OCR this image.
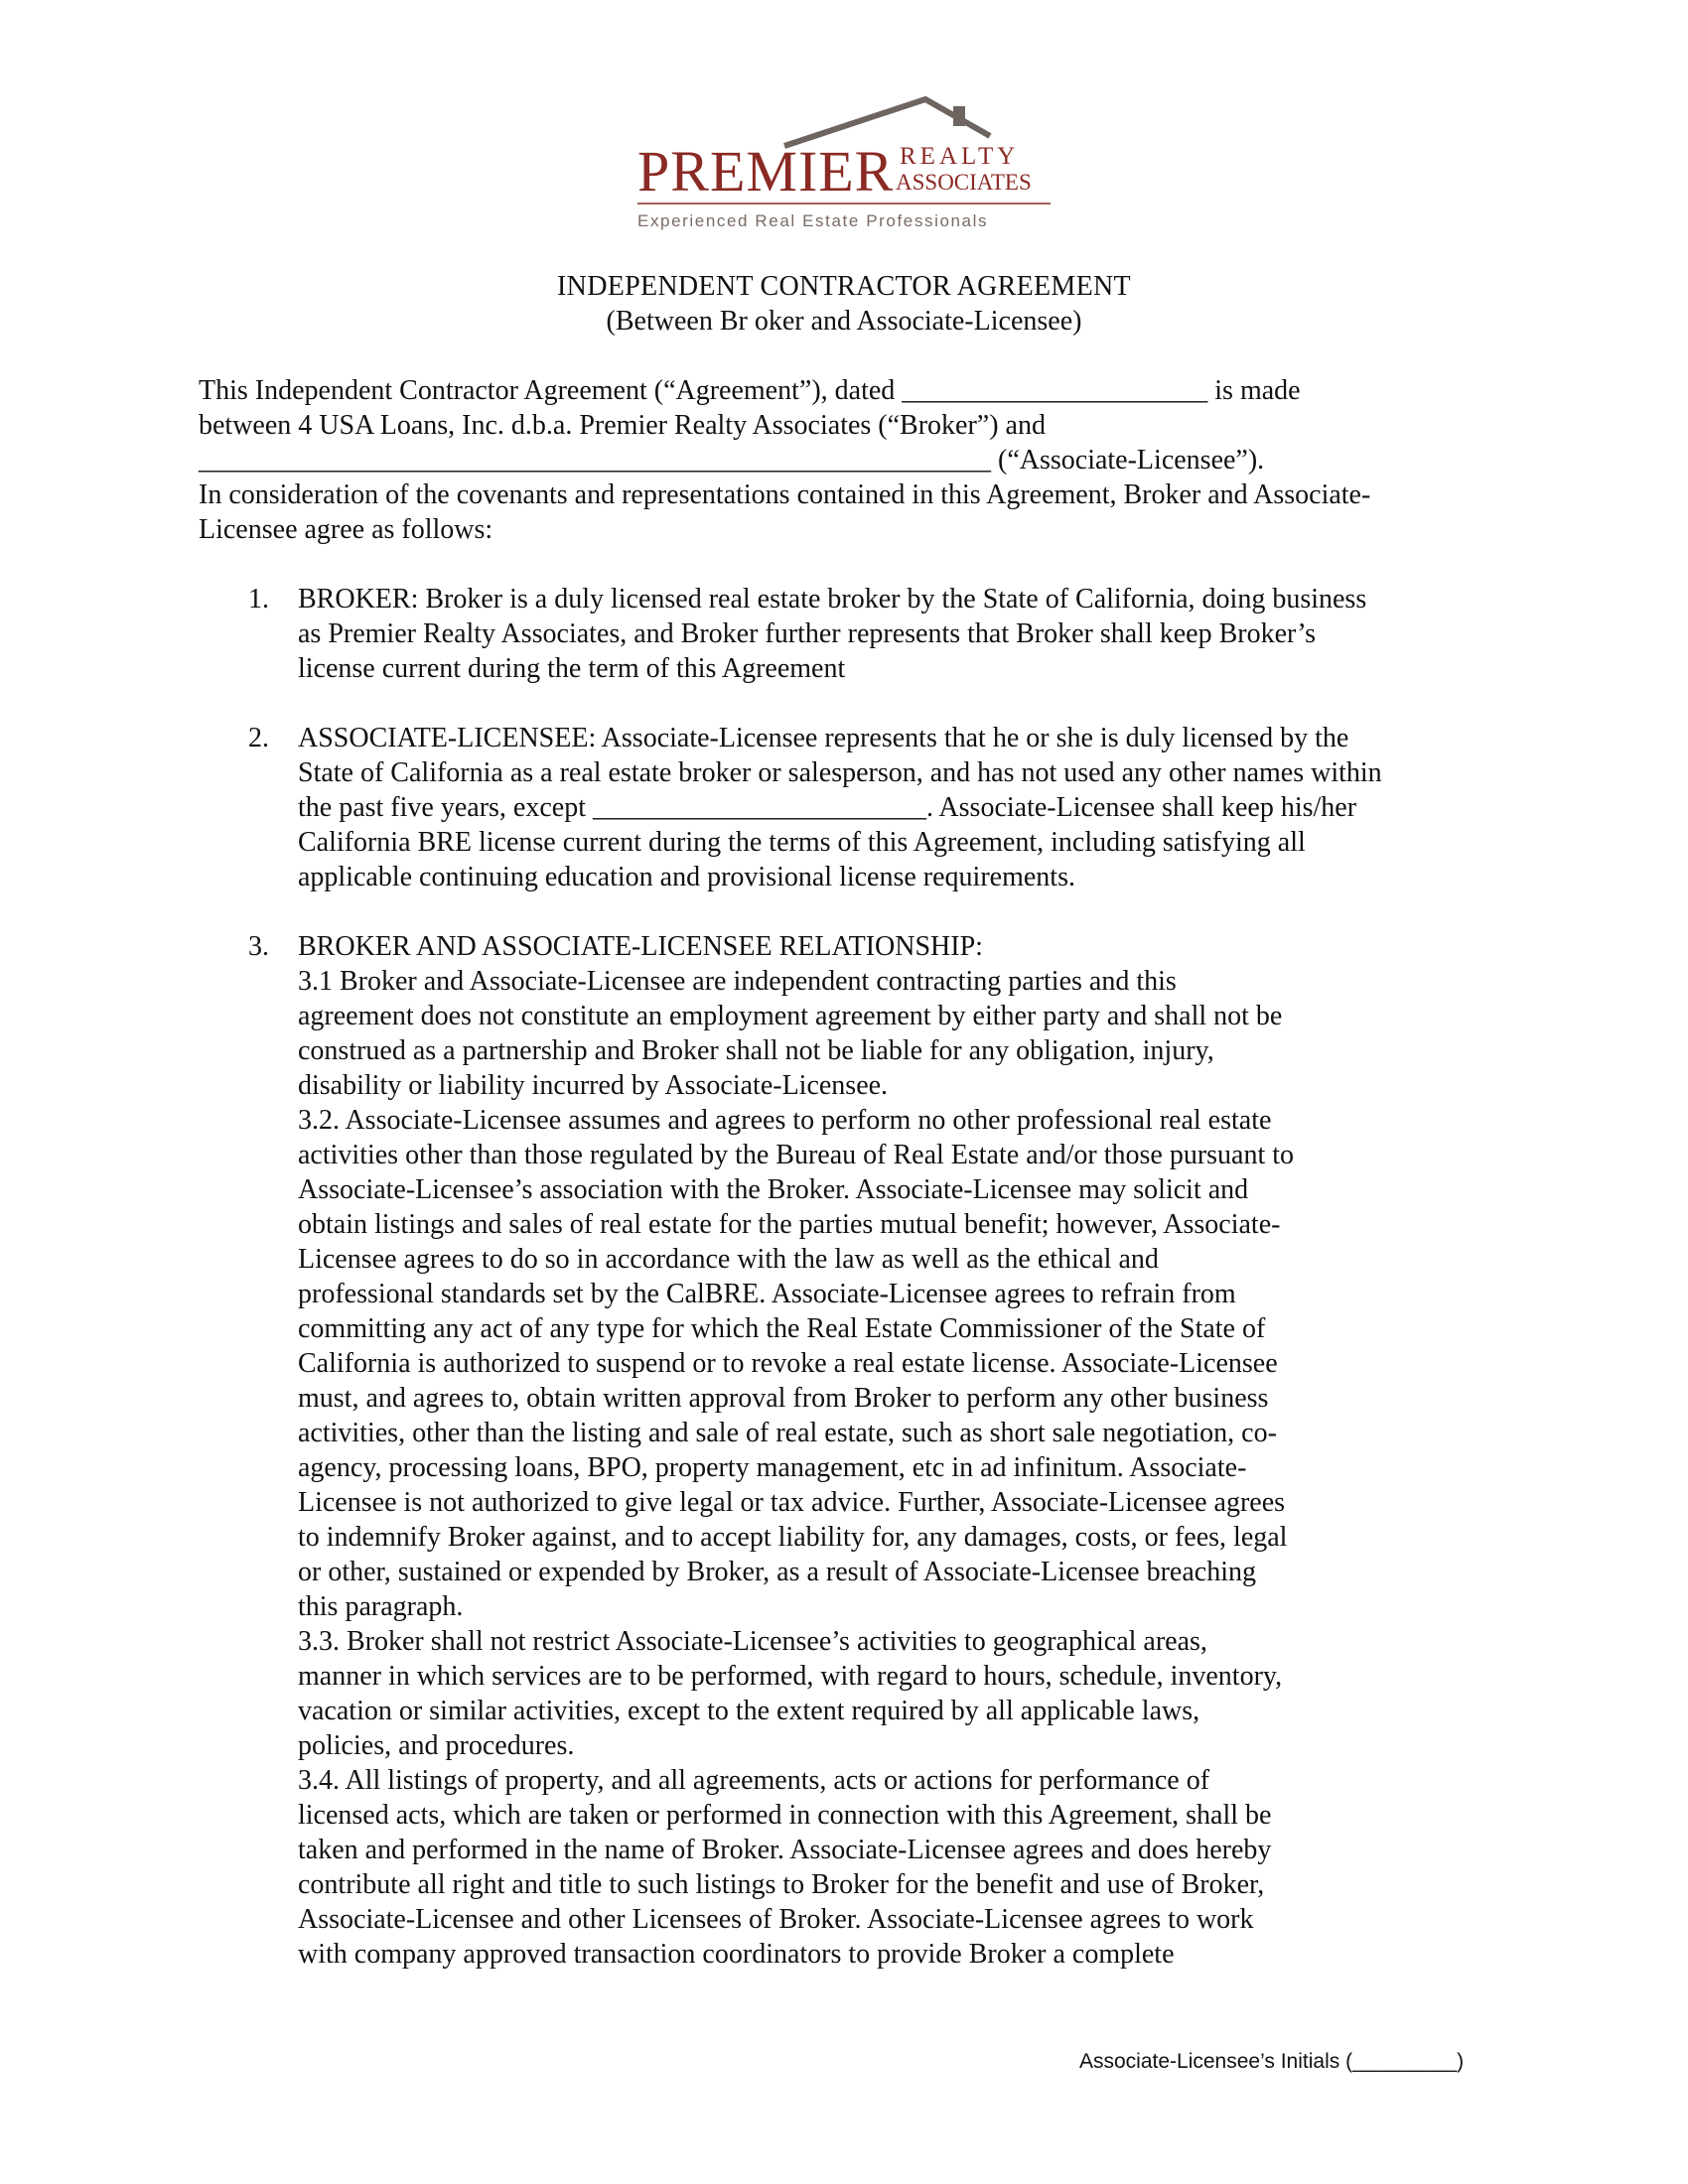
PREMIER REALTY
ASSOCIATES
Experienced Real Estate Professionals
INDEPENDENT CONTRACTOR AGREEMENT
(Between Br oker and Associate-Licensee)
This Independent Contractor Agreement (“Agreement”), dated ______________________ is made
between 4 USA Loans, Inc. d.b.a. Premier Realty Associates (“Broker”) and
_________________________________________________________ (“Associate-Licensee”).
In consideration of the covenants and representations contained in this Agreement, Broker and Associate-
Licensee agree as follows:
1. BROKER: Broker is a duly licensed real estate broker by the State of California, doing business
as Premier Realty Associates, and Broker further represents that Broker shall keep Broker’s
license current during the term of this Agreement
2. ASSOCIATE-LICENSEE: Associate-Licensee represents that he or she is duly licensed by the
State of California as a real estate broker or salesperson, and has not used any other names within
the past five years, except ________________________. Associate-Licensee shall keep his/her
California BRE license current during the terms of this Agreement, including satisfying all
applicable continuing education and provisional license requirements.
3. BROKER AND ASSOCIATE-LICENSEE RELATIONSHIP:
3.1 Broker and Associate-Licensee are independent contracting parties and this
agreement does not constitute an employment agreement by either party and shall not be
construed as a partnership and Broker shall not be liable for any obligation, injury,
disability or liability incurred by Associate-Licensee.
3.2. Associate-Licensee assumes and agrees to perform no other professional real estate
activities other than those regulated by the Bureau of Real Estate and/or those pursuant to
Associate-Licensee’s association with the Broker. Associate-Licensee may solicit and
obtain listings and sales of real estate for the parties mutual benefit; however, Associate-
Licensee agrees to do so in accordance with the law as well as the ethical and
professional standards set by the CalBRE. Associate-Licensee agrees to refrain from
committing any act of any type for which the Real Estate Commissioner of the State of
California is authorized to suspend or to revoke a real estate license. Associate-Licensee
must, and agrees to, obtain written approval from Broker to perform any other business
activities, other than the listing and sale of real estate, such as short sale negotiation, co-
agency, processing loans, BPO, property management, etc in ad infinitum. Associate-
Licensee is not authorized to give legal or tax advice. Further, Associate-Licensee agrees
to indemnify Broker against, and to accept liability for, any damages, costs, or fees, legal
or other, sustained or expended by Broker, as a result of Associate-Licensee breaching
this paragraph.
3.3. Broker shall not restrict Associate-Licensee’s activities to geographical areas,
manner in which services are to be performed, with regard to hours, schedule, inventory,
vacation or similar activities, except to the extent required by all applicable laws,
policies, and procedures.
3.4. All listings of property, and all agreements, acts or actions for performance of
licensed acts, which are taken or performed in connection with this Agreement, shall be
taken and performed in the name of Broker. Associate-Licensee agrees and does hereby
contribute all right and title to such listings to Broker for the benefit and use of Broker,
Associate-Licensee and other Licensees of Broker. Associate-Licensee agrees to work
with company approved transaction coordinators to provide Broker a complete
Associate-Licensee’s Initials (_________)
